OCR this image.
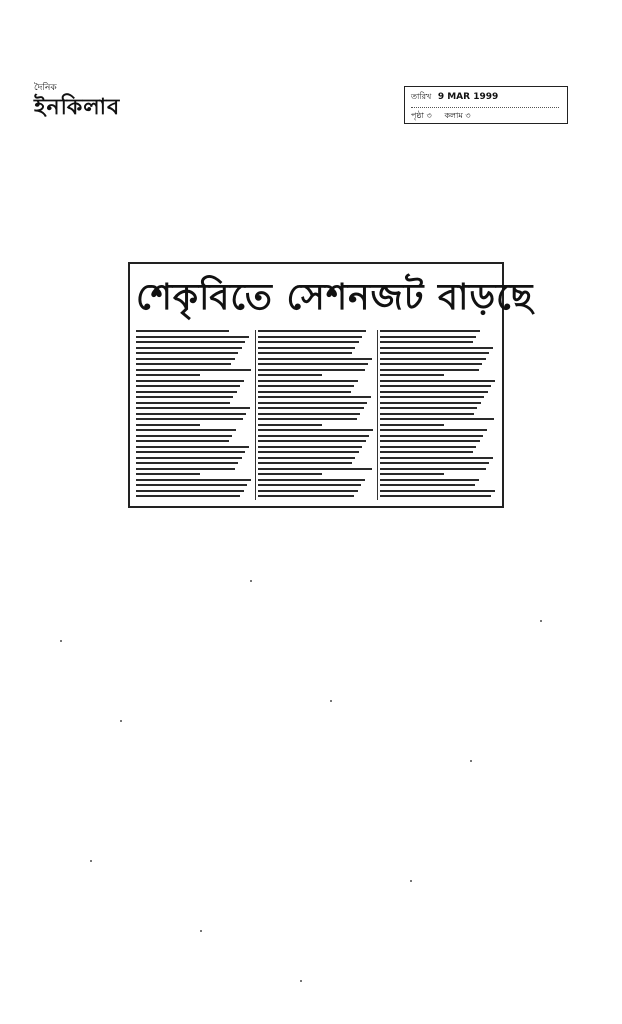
দৈনিক
ইনকিলাব	তারিখ 9 MAR 1999
পৃষ্ঠা ৩ কলাম ৩
শেকৃবিতে সেশনজট বাড়ছে
